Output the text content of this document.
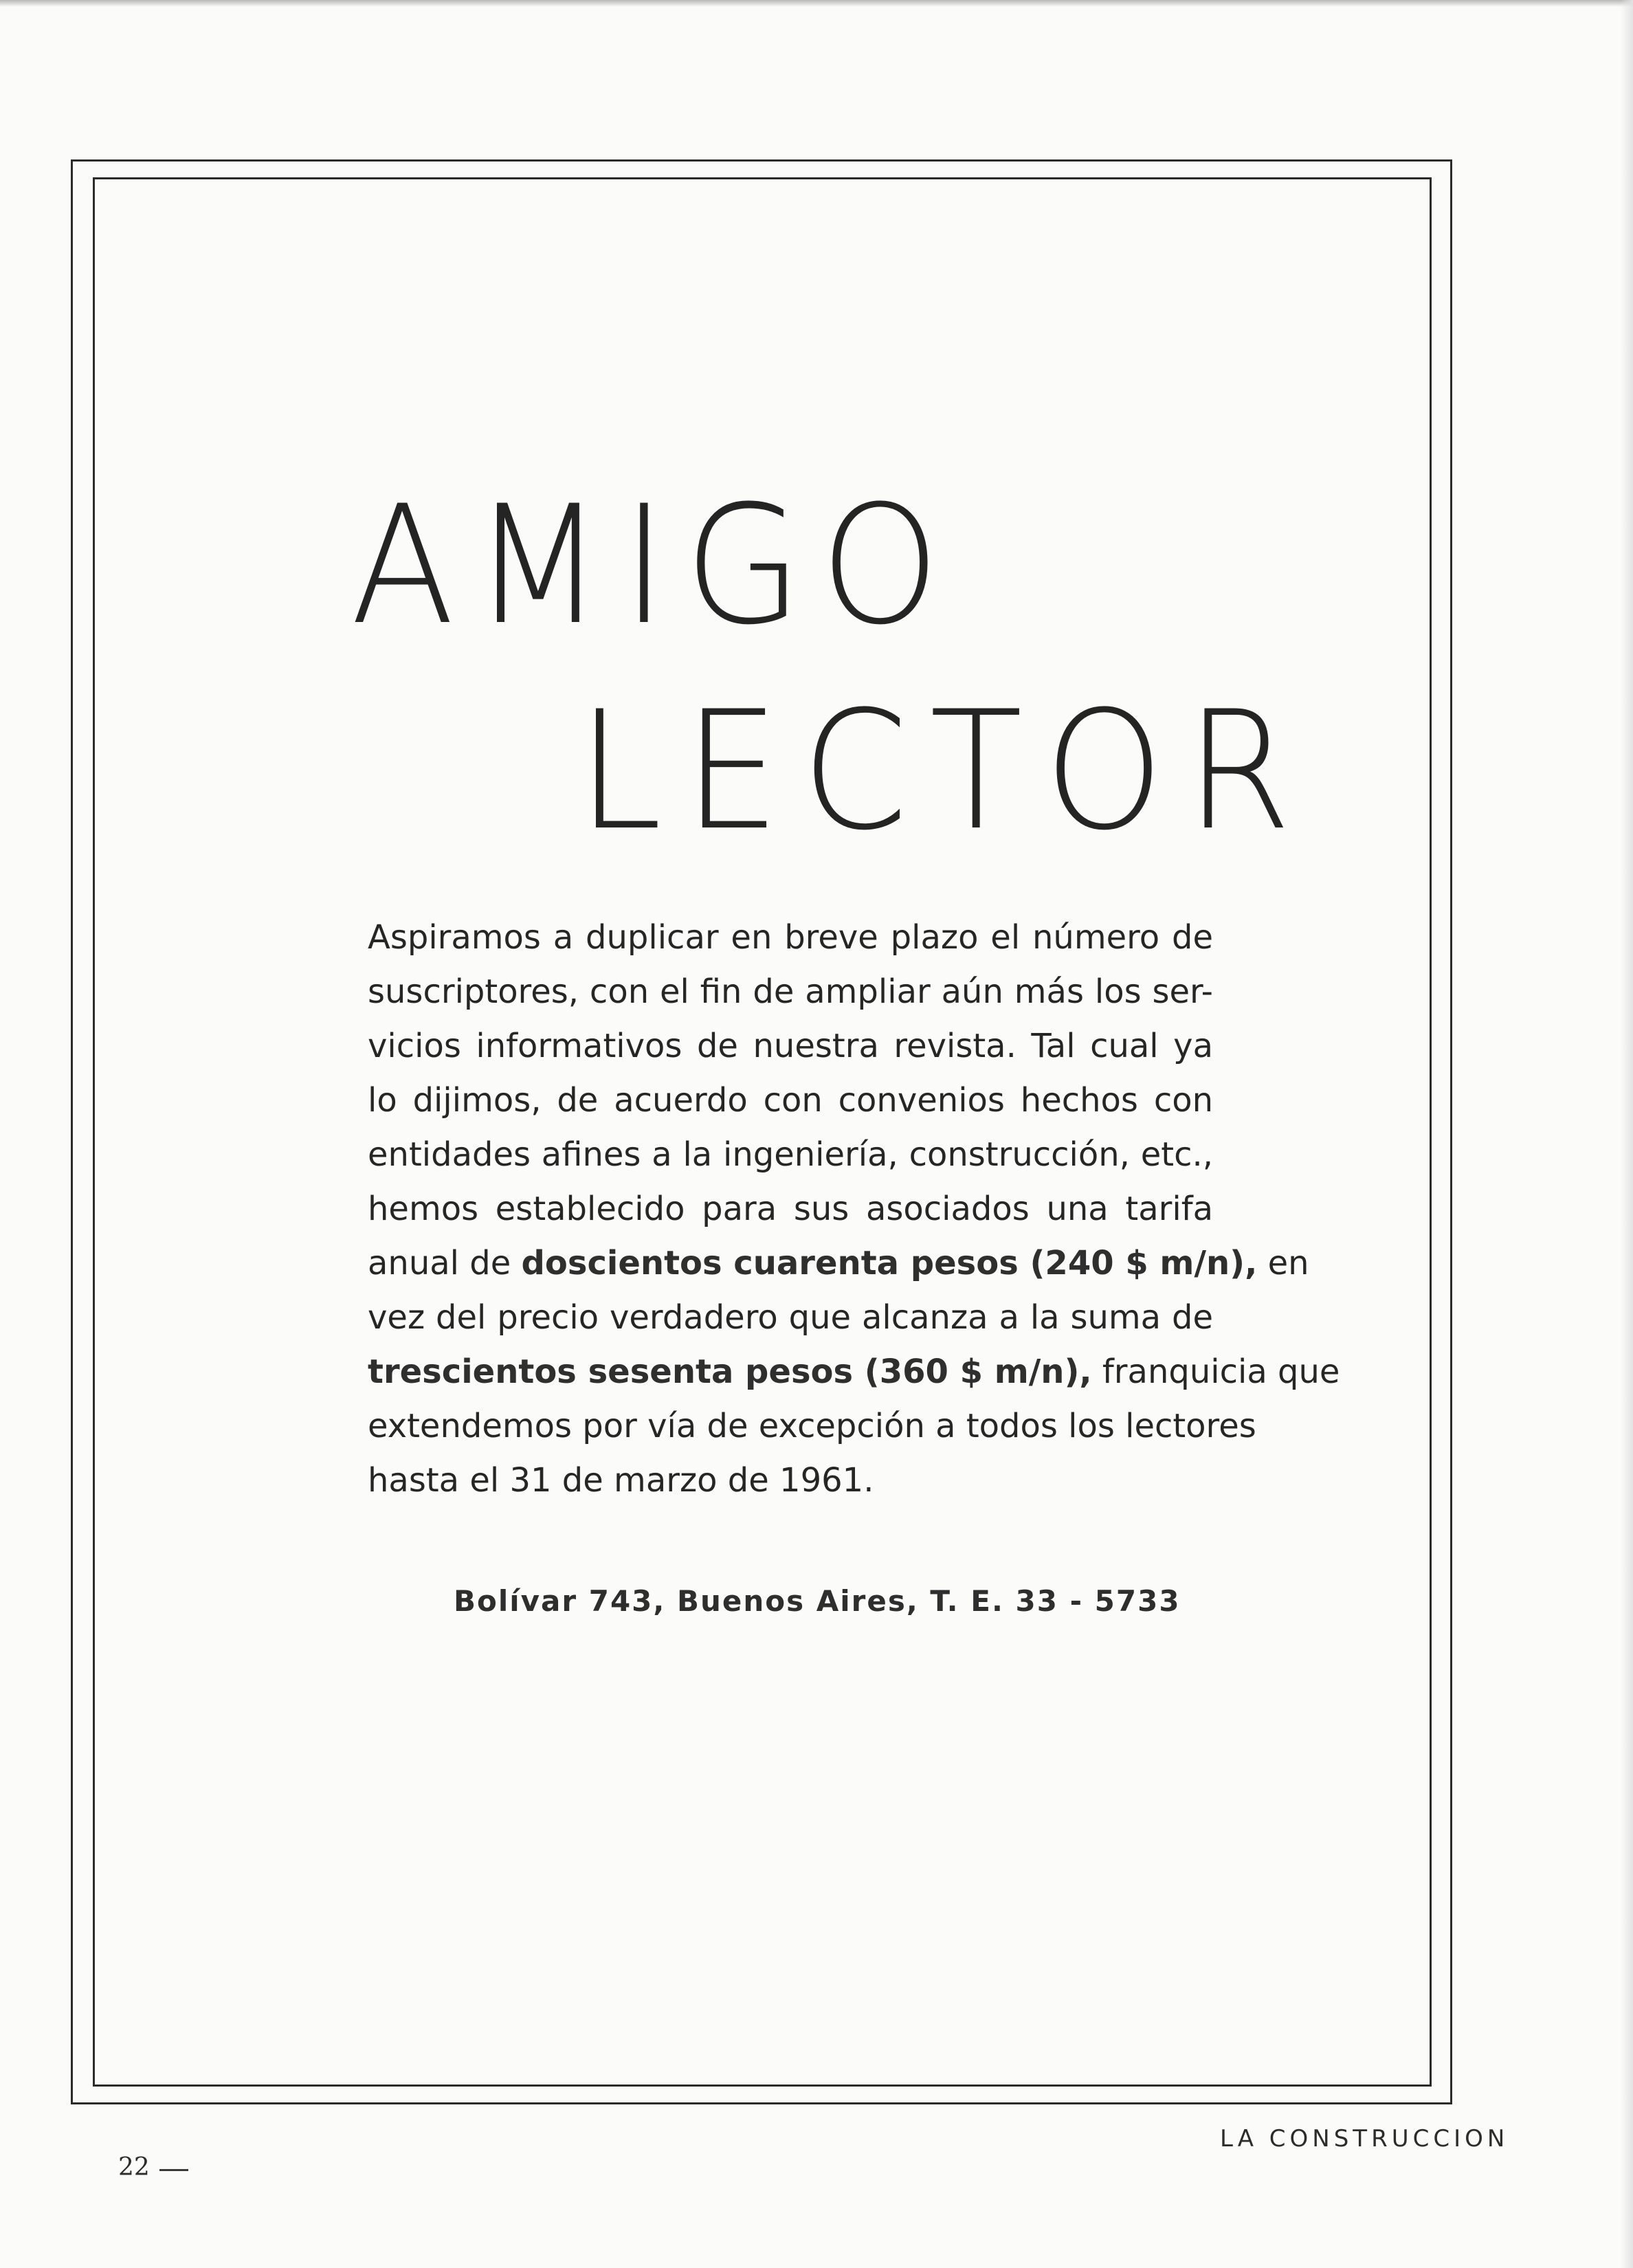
AMIGO
LECTOR

Aspiramos a duplicar en breve plazo el número de
suscriptores, con el fin de ampliar aún más los ser-
vicios informativos de nuestra revista. Tal cual ya
lo dijimos, de acuerdo con convenios hechos con
entidades afines a la ingeniería, construcción, etc.,
hemos establecido para sus asociados una tarifa
anual de doscientos cuarenta pesos (240 $ m/n), en
vez del precio verdadero que alcanza a la suma de
trescientos sesenta pesos (360 $ m/n), franquicia que
extendemos por vía de excepción a todos los lectores
hasta el 31 de marzo de 1961.

Bolívar 743, Buenos Aires, T. E. 33 - 5733

22
LA CONSTRUCCION
